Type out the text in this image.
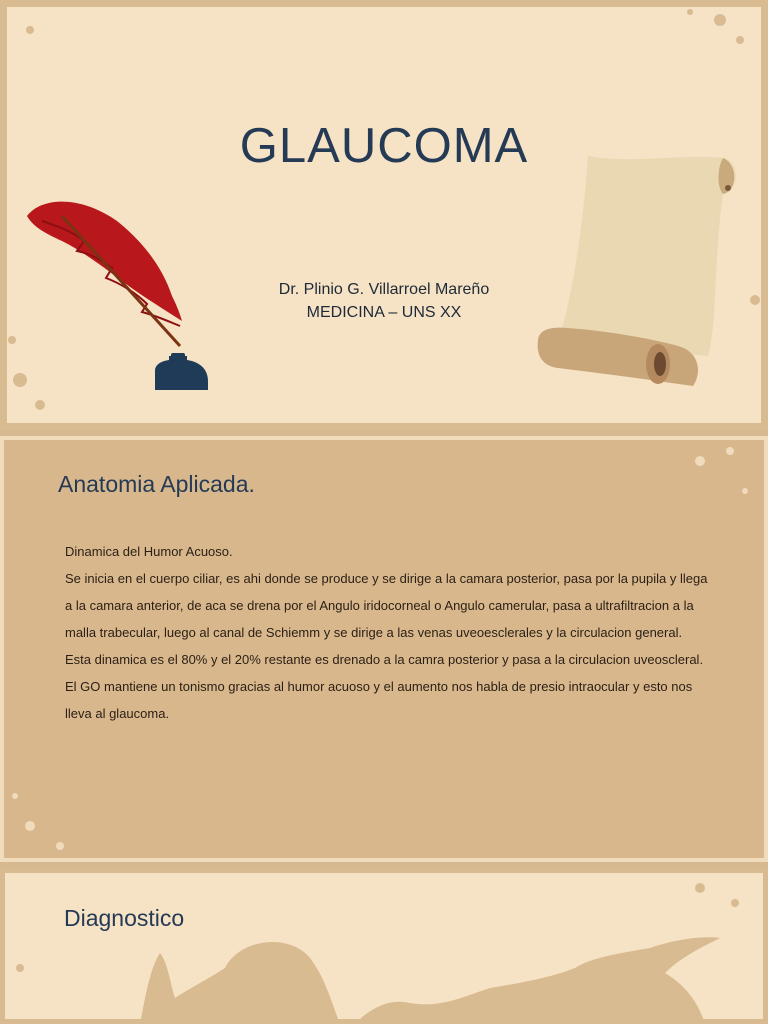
GLAUCOMA
Dr. Plinio G. Villarroel Mareño
MEDICINA – UNS XX
Anatomia Aplicada.

Dinamica del Humor Acuoso.

Se inicia en el cuerpo ciliar, es ahi donde se produce y se dirige a la camara posterior, pasa por la pupila y llega a la camara anterior, de aca se drena por el Angulo iridocorneal o Angulo camerular, pasa a ultrafiltracion a la malla trabecular, luego al canal de Schiemm y se dirige a las venas uveoesclerales y la circulacion general.

Esta dinamica es el 80% y el 20% restante es drenado a la camra posterior y pasa a la circulacion uveoscleral.

El GO mantiene un tonismo gracias al humor acuoso y el aumento nos habla de presio intraocular y esto nos lleva al glaucoma.

Diagnostico
